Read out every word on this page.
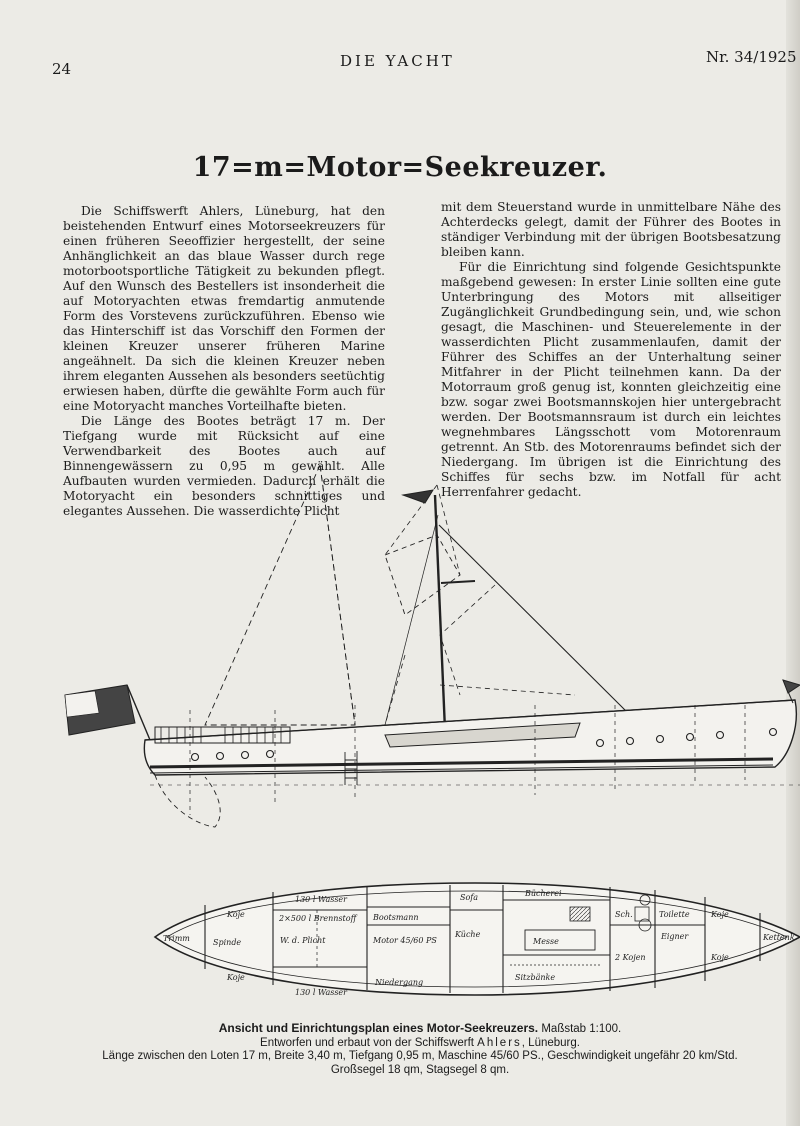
24	DIE YACHT	Nr. 34/1925
17=m=Motor=Seekreuzer.

Die Schiffswerft Ahlers, Lüneburg, hat den beistehenden Entwurf eines Motorseekreuzers für einen früheren Seeoffizier hergestellt, der seine Anhänglichkeit an das blaue Wasser durch rege motorbootsportliche Tätigkeit zu bekunden pflegt. Auf den Wunsch des Bestellers ist insonderheit die auf Motoryachten etwas fremdartig anmutende Form des Vorstevens zurückzuführen. Ebenso wie das Hinterschiff ist das Vorschiff den Formen der kleinen Kreuzer unserer früheren Marine angeähnelt. Da sich die kleinen Kreuzer neben ihrem eleganten Aussehen als besonders seetüchtig erwiesen haben, dürfte die gewählte Form auch für eine Motoryacht manches Vorteilhafte bieten.

Die Länge des Bootes beträgt 17 m. Der Tiefgang wurde mit Rücksicht auf eine Verwendbarkeit des Bootes auch auf Binnengewässern zu 0,95 m gewählt. Alle Aufbauten wurden vermieden. Dadurch erhält die Motoryacht ein besonders schnittiges und elegantes Aussehen. Die wasserdichte Plicht

mit dem Steuerstand wurde in unmittelbare Nähe des Achterdecks gelegt, damit der Führer des Bootes in ständiger Verbindung mit der übrigen Bootsbesatzung bleiben kann.

Für die Einrichtung sind folgende Gesichtspunkte maßgebend gewesen: In erster Linie sollten eine gute Unterbringung des Motors mit allseitiger Zugänglichkeit Grundbedingung sein, und, wie schon gesagt, die Maschinen- und Steuerelemente in der wasserdichten Plicht zusammenlaufen, damit der Führer des Schiffes an der Unterhaltung seiner Mitfahrer in der Plicht teilnehmen kann. Da der Motorraum groß genug ist, konnten gleichzeitig eine bzw. sogar zwei Bootsmannskojen hier untergebracht werden. Der Bootsmannsraum ist durch ein leichtes wegnehmbares Längsschott vom Motorenraum getrennt. An Stb. des Motorenraums befindet sich der Niedergang. Im übrigen ist die Einrichtung des Schiffes für sechs bzw. im Notfall für acht Herrenfahrer gedacht.

Trimm	Spinde
Koje
Koje
130 l Wasser
130 l Wasser
2×500 l Brennstoff Bootsmann
W. d. Plicht	Motor 45/60 PS
Küche
Niedergang
Messe
Bücherei
Sitzbänke
Sofa
Sch.
2 Kojen
Toilette
Eigner
Koje
Koje
Kettenk.
Ansicht und Einrichtungsplan eines Motor-Seekreuzers. Maßstab 1:100.
Entworfen und erbaut von der Schiffswerft Ahlers, Lüneburg.
Länge zwischen den Loten 17 m, Breite 3,40 m, Tiefgang 0,95 m, Maschine 45/60 PS., Geschwindigkeit ungefähr 20 km/Std.
Großsegel 18 qm, Stagsegel 8 qm.
